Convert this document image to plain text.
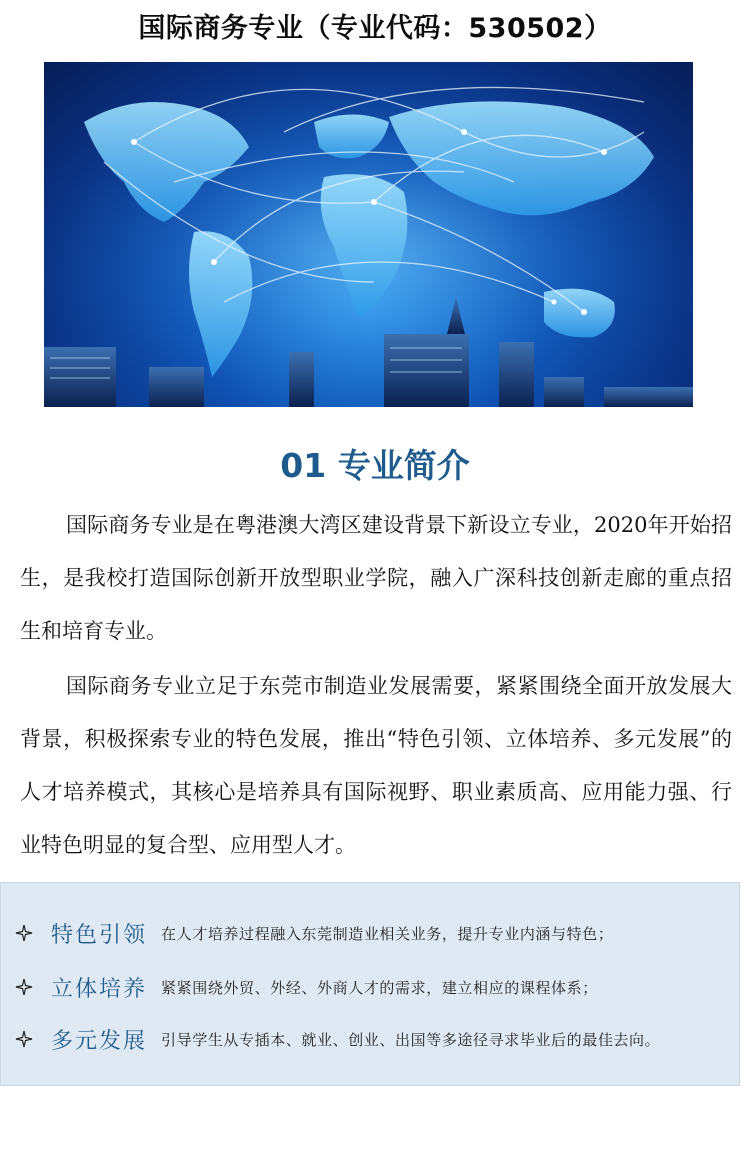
国际商务专业（专业代码：530502）
01 专业简介

国际商务专业是在粤港澳大湾区建设背景下新设立专业，2020年开始招生，是我校打造国际创新开放型职业学院，融入广深科技创新走廊的重点招生和培育专业。

国际商务专业立足于东莞市制造业发展需要，紧紧围绕全面开放发展大背景，积极探索专业的特色发展，推出“特色引领、立体培养、多元发展”的人才培养模式，其核心是培养具有国际视野、职业素质高、应用能力强、行业特色明显的复合型、应用型人才。

特色引领 在人才培养过程融入东莞制造业相关业务，提升专业内涵与特色；
立体培养 紧紧围绕外贸、外经、外商人才的需求，建立相应的课程体系；
多元发展 引导学生从专插本、就业、创业、出国等多途径寻求毕业后的最佳去向。
